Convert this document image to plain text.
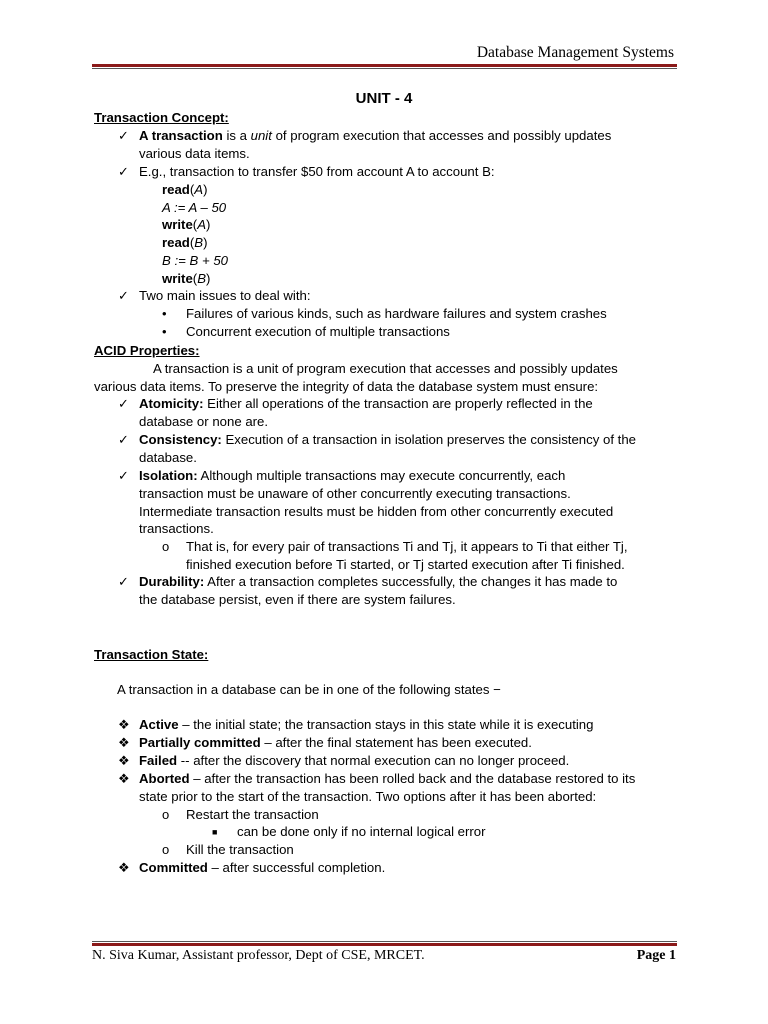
Database Management Systems
UNIT - 4
Transaction Concept:
✓ A transaction is a unit of program execution that accesses and possibly updates
various data items.
✓ E.g., transaction to transfer $50 from account A to account B:
read(A)
A := A – 50
write(A)
read(B)
B := B + 50
write(B)
✓ Two main issues to deal with:
• Failures of various kinds, such as hardware failures and system crashes
• Concurrent execution of multiple transactions
ACID Properties:
A transaction is a unit of program execution that accesses and possibly updates
various data items. To preserve the integrity of data the database system must ensure:
✓ Atomicity: Either all operations of the transaction are properly reflected in the
database or none are.
✓ Consistency: Execution of a transaction in isolation preserves the consistency of the
database.
✓ Isolation: Although multiple transactions may execute concurrently, each
transaction must be unaware of other concurrently executing transactions.
Intermediate transaction results must be hidden from other concurrently executed
transactions.
o That is, for every pair of transactions Ti and Tj, it appears to Ti that either Tj,
finished execution before Ti started, or Tj started execution after Ti finished.
✓ Durability: After a transaction completes successfully, the changes it has made to
the database persist, even if there are system failures.
Transaction State:
A transaction in a database can be in one of the following states −
❖ Active – the initial state; the transaction stays in this state while it is executing
❖ Partially committed – after the final statement has been executed.
❖ Failed -- after the discovery that normal execution can no longer proceed.
❖ Aborted – after the transaction has been rolled back and the database restored to its
state prior to the start of the transaction. Two options after it has been aborted:
o Restart the transaction
■ can be done only if no internal logical error
o Kill the transaction
❖ Committed – after successful completion.
N. Siva Kumar, Assistant professor, Dept of CSE, MRCET.	Page 1
